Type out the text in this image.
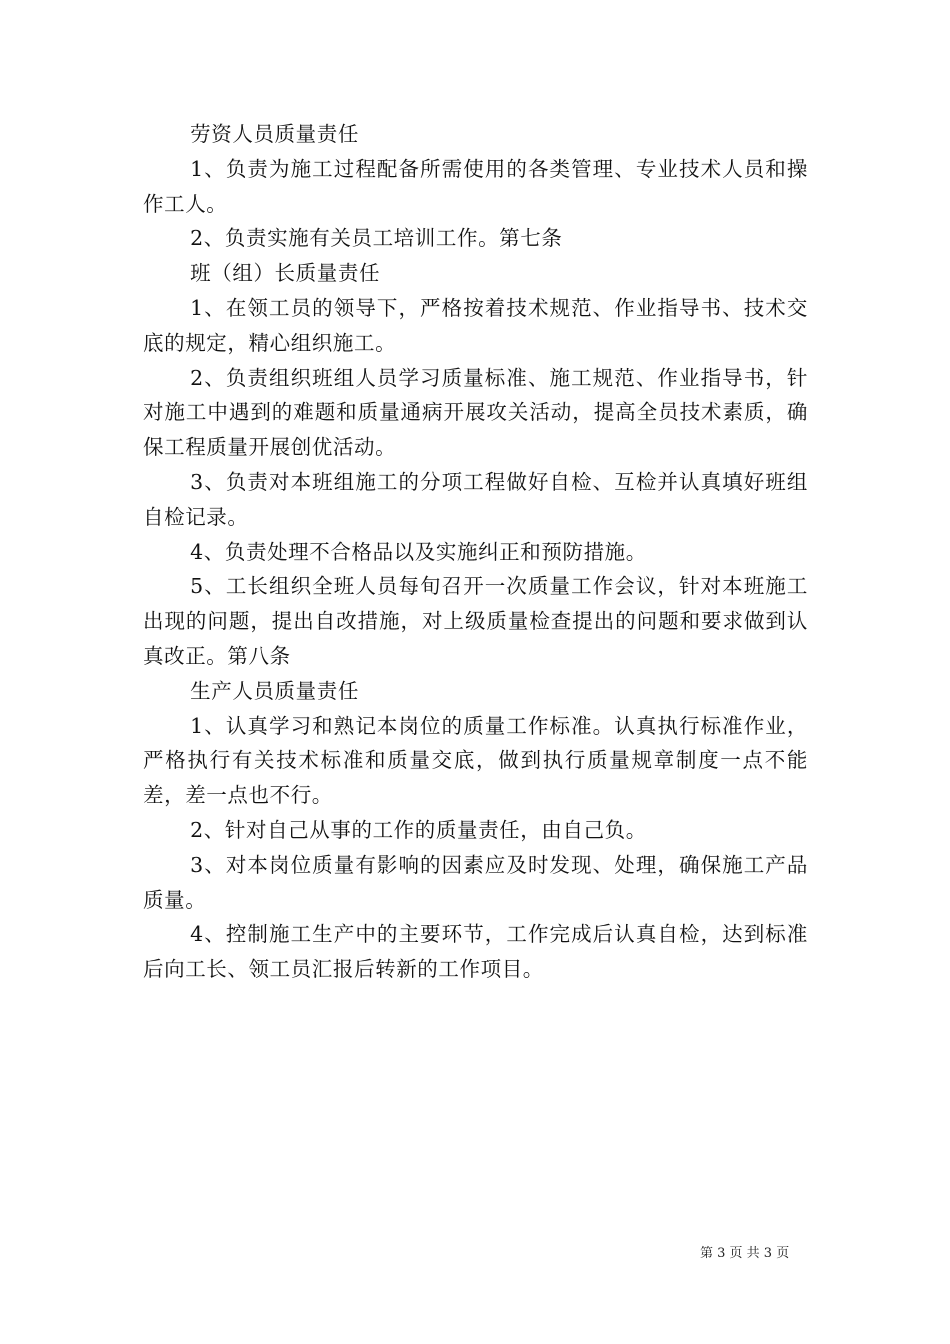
劳资人员质量责任

1、负责为施工过程配备所需使用的各类管理、专业技术人员和操作工人。

2、负责实施有关员工培训工作。第七条

班（组）长质量责任

1、在领工员的领导下，严格按着技术规范、作业指导书、技术交底的规定，精心组织施工。

2、负责组织班组人员学习质量标准、施工规范、作业指导书，针对施工中遇到的难题和质量通病开展攻关活动，提高全员技术素质，确保工程质量开展创优活动。

3、负责对本班组施工的分项工程做好自检、互检并认真填好班组自检记录。

4、负责处理不合格品以及实施纠正和预防措施。

5、工长组织全班人员每旬召开一次质量工作会议，针对本班施工出现的问题，提出自改措施，对上级质量检查提出的问题和要求做到认真改正。第八条

生产人员质量责任

1、认真学习和熟记本岗位的质量工作标准。认真执行标准作业，严格执行有关技术标准和质量交底，做到执行质量规章制度一点不能差，差一点也不行。

2、针对自己从事的工作的质量责任，由自己负。

3、对本岗位质量有影响的因素应及时发现、处理，确保施工产品质量。

4、控制施工生产中的主要环节，工作完成后认真自检，达到标准后向工长、领工员汇报后转新的工作项目。

第 3 页 共 3 页
